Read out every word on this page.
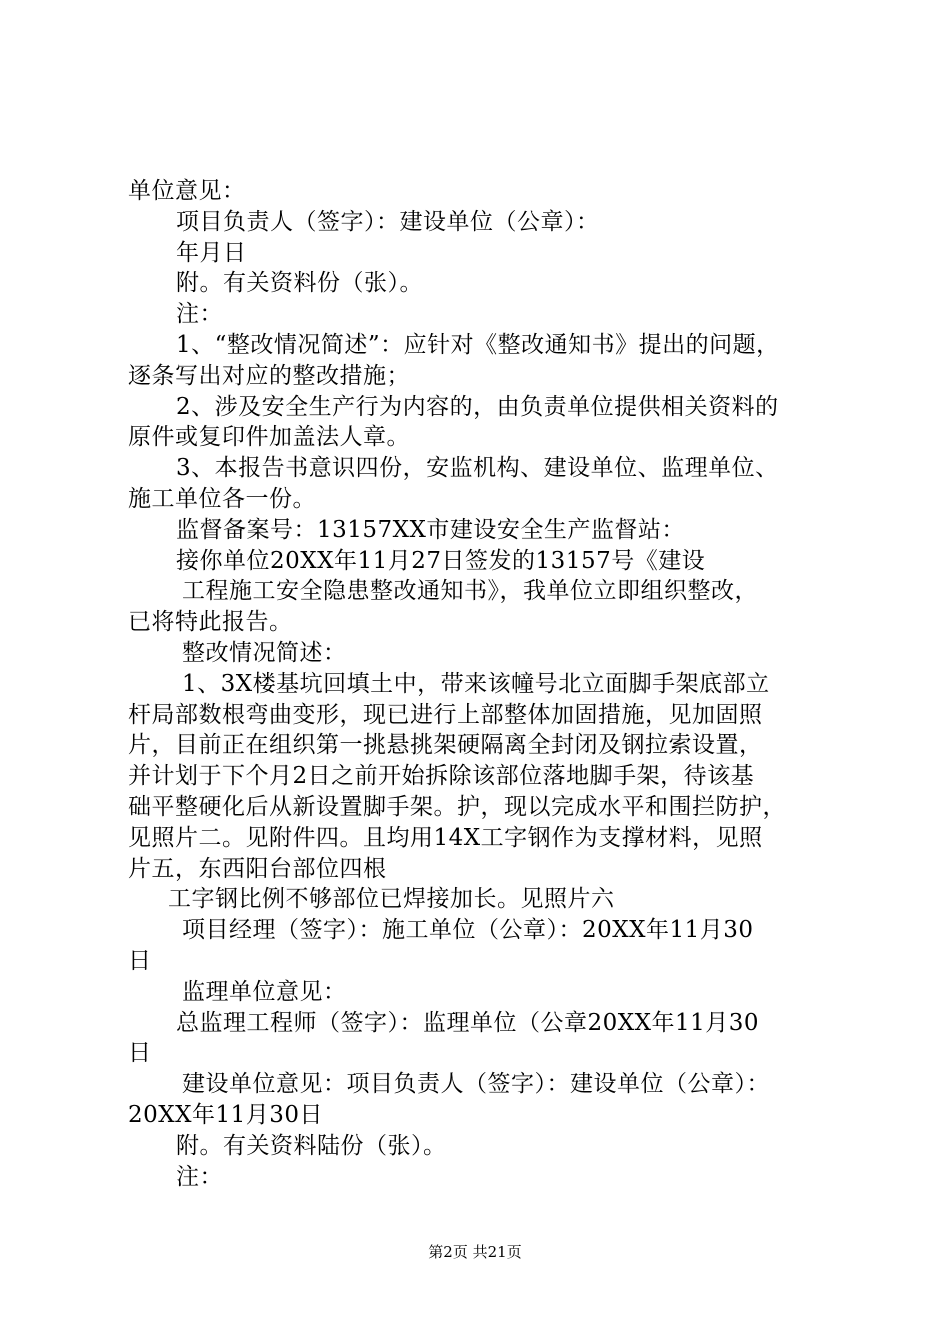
单位意见：
项目负责人（签字）：建设单位（公章）：
年月日
附。有关资料份（张）。
注：
1、“整改情况简述”：应针对《整改通知书》提出的问题，
逐条写出对应的整改措施；
2、涉及安全生产行为内容的，由负责单位提供相关资料的
原件或复印件加盖法人章。
3、本报告书意识四份，安监机构、建设单位、监理单位、
施工单位各一份。
监督备案号：13157XX市建设安全生产监督站：
接你单位20XX年11月27日签发的13157号《建设
工程施工安全隐患整改通知书》，我单位立即组织整改，
已将特此报告。
整改情况简述：
1、3X楼基坑回填土中，带来该幢号北立面脚手架底部立
杆局部数根弯曲变形，现已进行上部整体加固措施，见加固照
片，目前正在组织第一挑悬挑架硬隔离全封闭及钢拉索设置，
并计划于下个月2日之前开始拆除该部位落地脚手架，待该基
础平整硬化后从新设置脚手架。护，现以完成水平和围拦防护，
见照片二。见附件四。且均用14X工字钢作为支撑材料，见照
片五，东西阳台部位四根
工字钢比例不够部位已焊接加长。见照片六
项目经理（签字）：施工单位（公章）：20XX年11月30
日
监理单位意见：
总监理工程师（签字）：监理单位（公章20XX年11月30
日
建设单位意见：项目负责人（签字）：建设单位（公章）：
20XX年11月30日
附。有关资料陆份（张）。
注：
第2页 共21页
